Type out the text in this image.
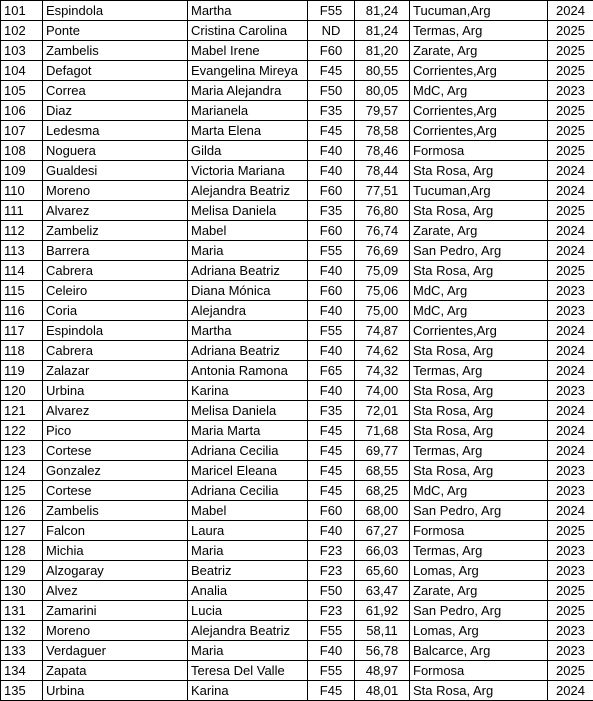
101	Espindola	Martha	F55	81,24	Tucuman,Arg	2024
102	Ponte	Cristina Carolina	ND	81,24	Termas, Arg	2025
103	Zambelis	Mabel Irene	F60	81,20	Zarate, Arg	2025
104	Defagot	Evangelina Mireya	F45	80,55	Corrientes,Arg	2025
105	Correa	Maria Alejandra	F50	80,05	MdC, Arg	2023
106	Diaz	Marianela	F35	79,57	Corrientes,Arg	2025
107	Ledesma	Marta Elena	F45	78,58	Corrientes,Arg	2025
108	Noguera	Gilda	F40	78,46	Formosa	2025
109	Gualdesi	Victoria Mariana	F40	78,44	Sta Rosa, Arg	2024
110	Moreno	Alejandra Beatriz	F60	77,51	Tucuman,Arg	2024
111	Alvarez	Melisa Daniela	F35	76,80	Sta Rosa, Arg	2025
112	Zambeliz	Mabel	F60	76,74	Zarate, Arg	2024
113	Barrera	Maria	F55	76,69	San Pedro, Arg	2024
114	Cabrera	Adriana Beatriz	F40	75,09	Sta Rosa, Arg	2025
115	Celeiro	Diana Mónica	F60	75,06	MdC, Arg	2023
116	Coria	Alejandra	F40	75,00	MdC, Arg	2023
117	Espindola	Martha	F55	74,87	Corrientes,Arg	2024
118	Cabrera	Adriana Beatriz	F40	74,62	Sta Rosa, Arg	2024
119	Zalazar	Antonia Ramona	F65	74,32	Termas, Arg	2024
120	Urbina	Karina	F40	74,00	Sta Rosa, Arg	2023
121	Alvarez	Melisa Daniela	F35	72,01	Sta Rosa, Arg	2024
122	Pico	Maria Marta	F45	71,68	Sta Rosa, Arg	2024
123	Cortese	Adriana Cecilia	F45	69,77	Termas, Arg	2024
124	Gonzalez	Maricel Eleana	F45	68,55	Sta Rosa, Arg	2023
125	Cortese	Adriana Cecilia	F45	68,25	MdC, Arg	2023
126	Zambelis	Mabel	F60	68,00	San Pedro, Arg	2024
127	Falcon	Laura	F40	67,27	Formosa	2025
128	Michia	Maria	F23	66,03	Termas, Arg	2023
129	Alzogaray	Beatriz	F23	65,60	Lomas, Arg	2023
130	Alvez	Analia	F50	63,47	Zarate, Arg	2025
131	Zamarini	Lucia	F23	61,92	San Pedro, Arg	2025
132	Moreno	Alejandra Beatriz	F55	58,11	Lomas, Arg	2023
133	Verdaguer	Maria	F40	56,78	Balcarce, Arg	2023
134	Zapata	Teresa Del Valle	F55	48,97	Formosa	2025
135	Urbina	Karina	F45	48,01	Sta Rosa, Arg	2024
